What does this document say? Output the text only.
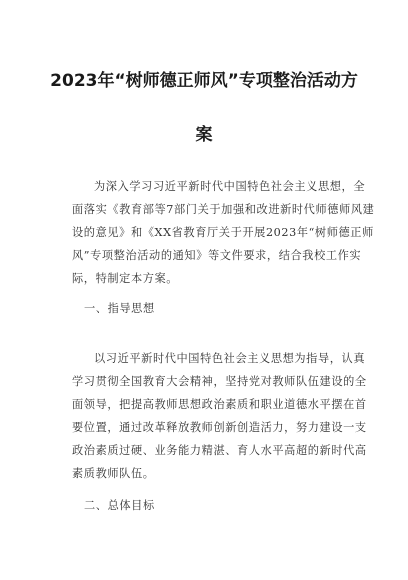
2023年“树师德正师风”专项整治活动方
案
为深入学习习近平新时代中国特色社会主义思想，全
面落实《教育部等7部门关于加强和改进新时代师德师风建
设的意见》和《XX省教育厅关于开展2023年“树师德正师
风”专项整治活动的通知》等文件要求，结合我校工作实
际，特制定本方案。
一、指导思想
以习近平新时代中国特色社会主义思想为指导，认真
学习贯彻全国教育大会精神，坚持党对教师队伍建设的全
面领导，把提高教师思想政治素质和职业道德水平摆在首
要位置，通过改革释放教师创新创造活力，努力建设一支
政治素质过硬、业务能力精湛、育人水平高超的新时代高
素质教师队伍。
二、总体目标
